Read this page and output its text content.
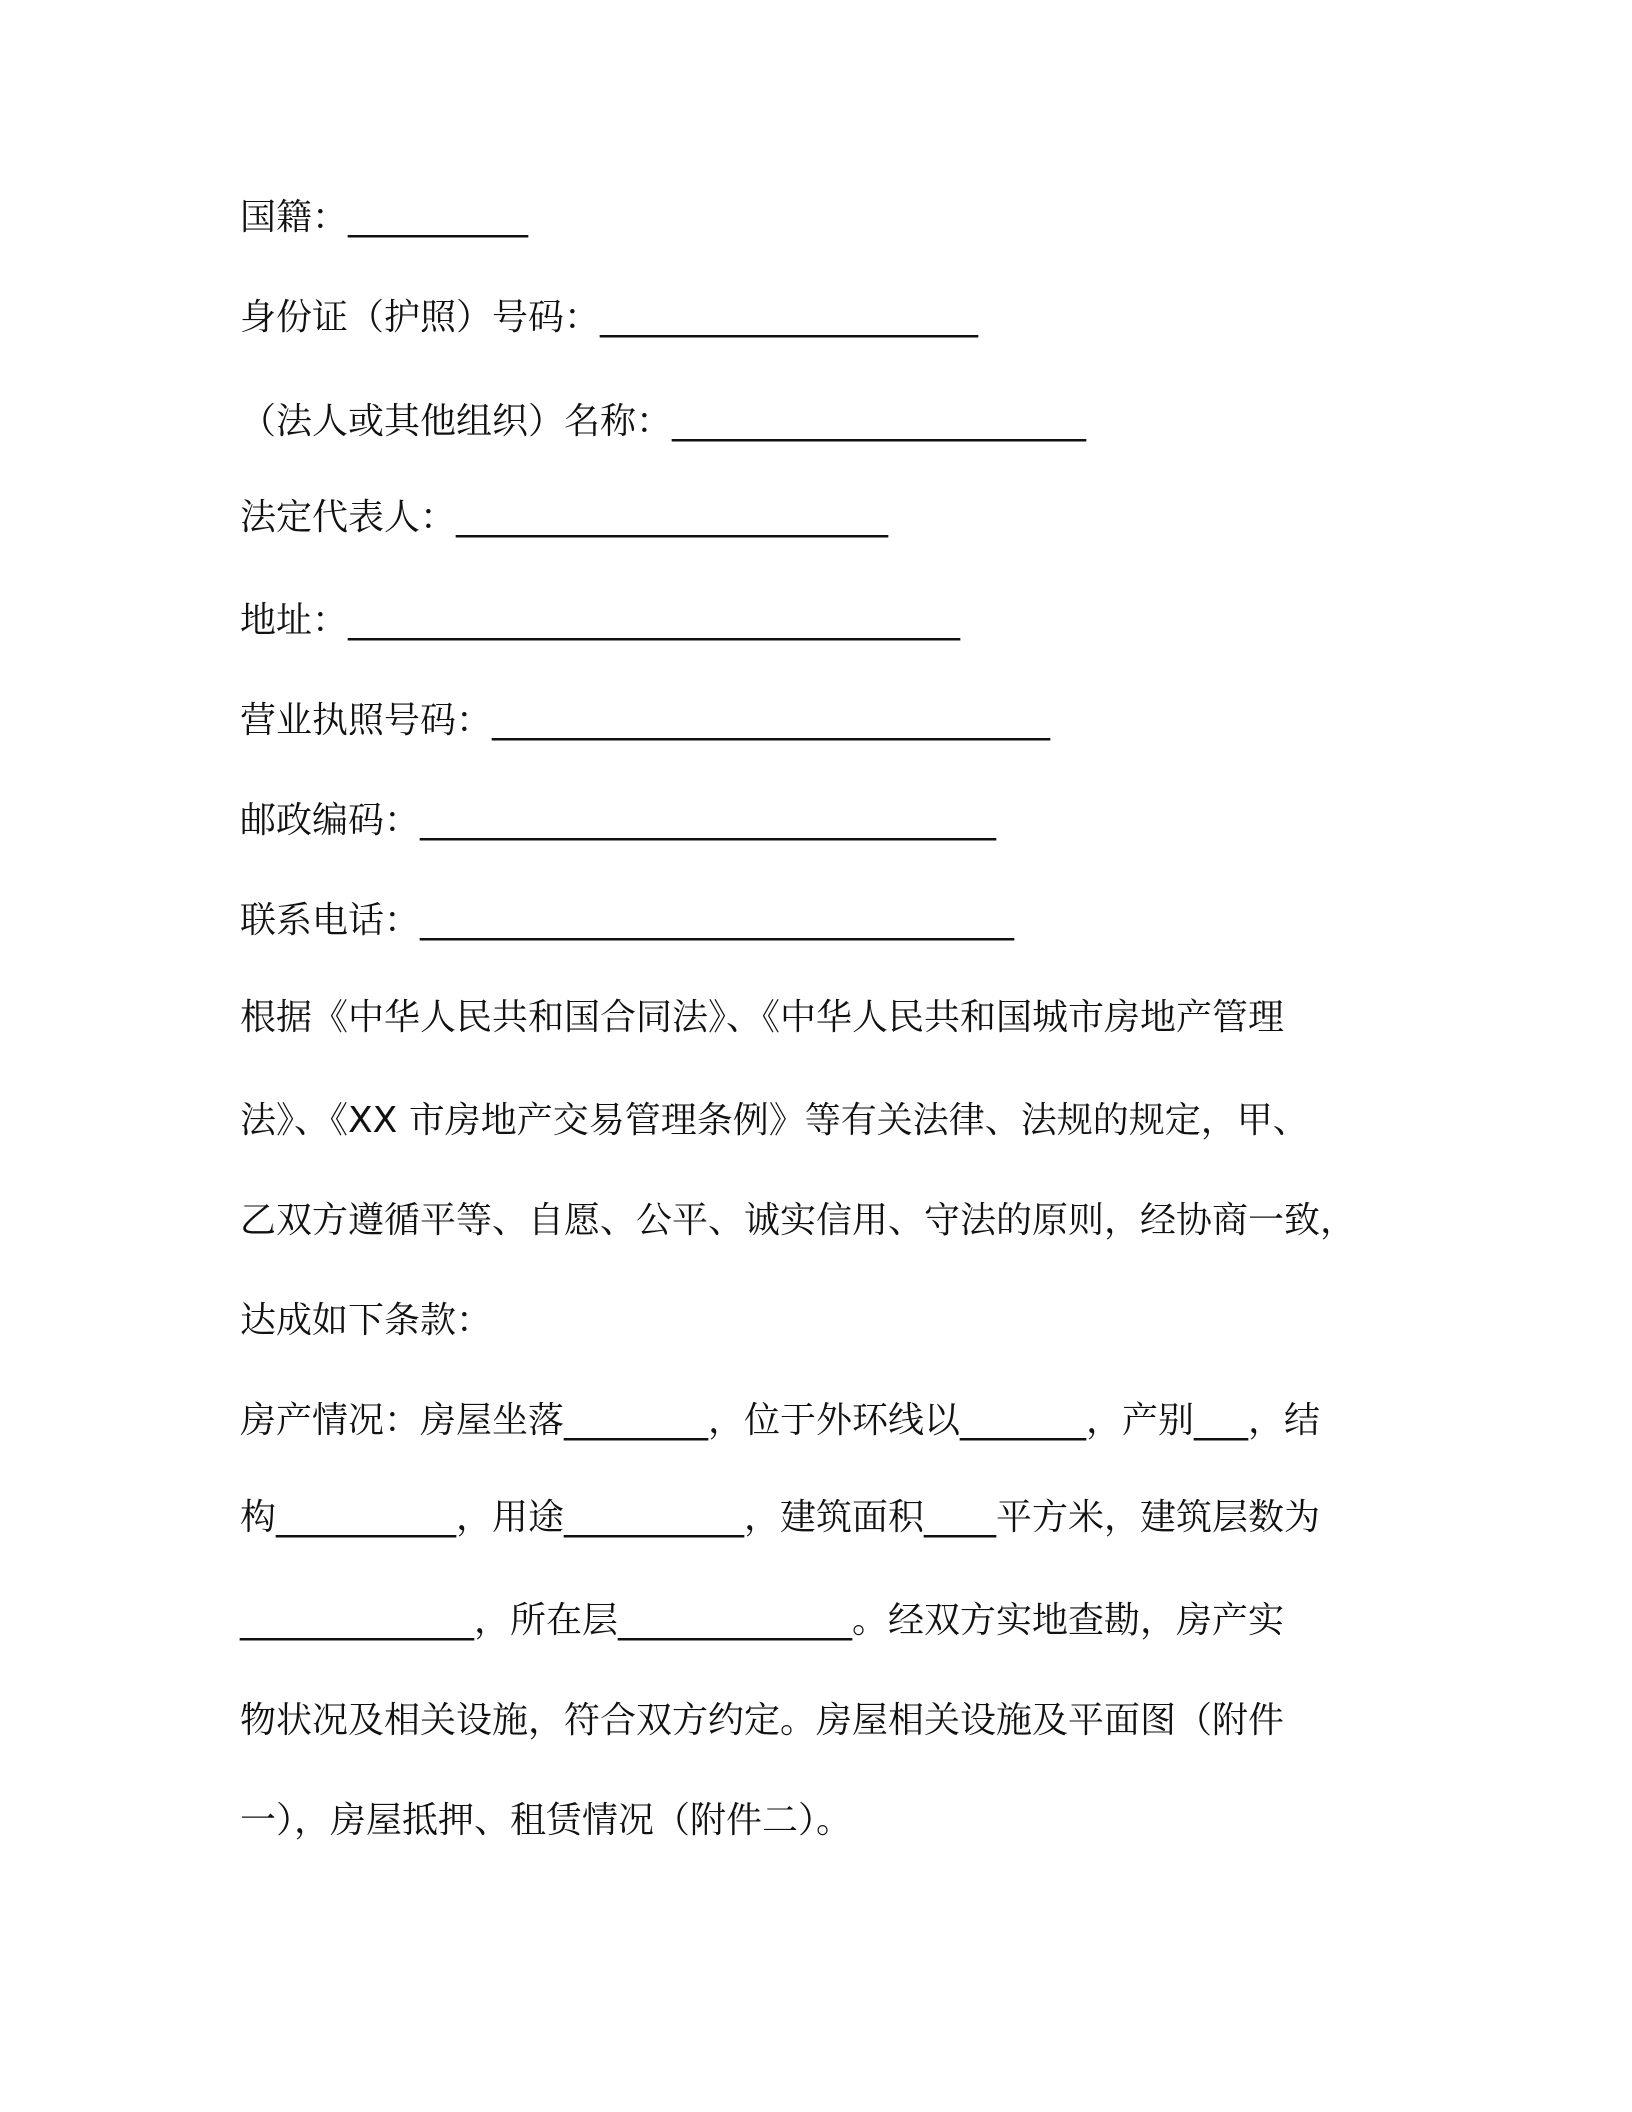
国籍：__________
身份证（护照）号码：_____________________
（法人或其他组织）名称：_______________________
法定代表人：________________________
地址：__________________________________
营业执照号码：_______________________________
邮政编码：________________________________
联系电话：_________________________________
根据《中华人民共和国合同法》、《中华人民共和国城市房地产管理
法》、《XX 市房地产交易管理条例》等有关法律、法规的规定，甲、
乙双方遵循平等、自愿、公平、诚实信用、守法的原则，经协商一致，
达成如下条款：
房产情况：房屋坐落________，位于外环线以_______，产别___，结
构__________，用途__________，建筑面积____平方米，建筑层数为
_____________，所在层_____________。经双方实地查勘，房产实
物状况及相关设施，符合双方约定。房屋相关设施及平面图（附件
一），房屋抵押、租赁情况（附件二）。
